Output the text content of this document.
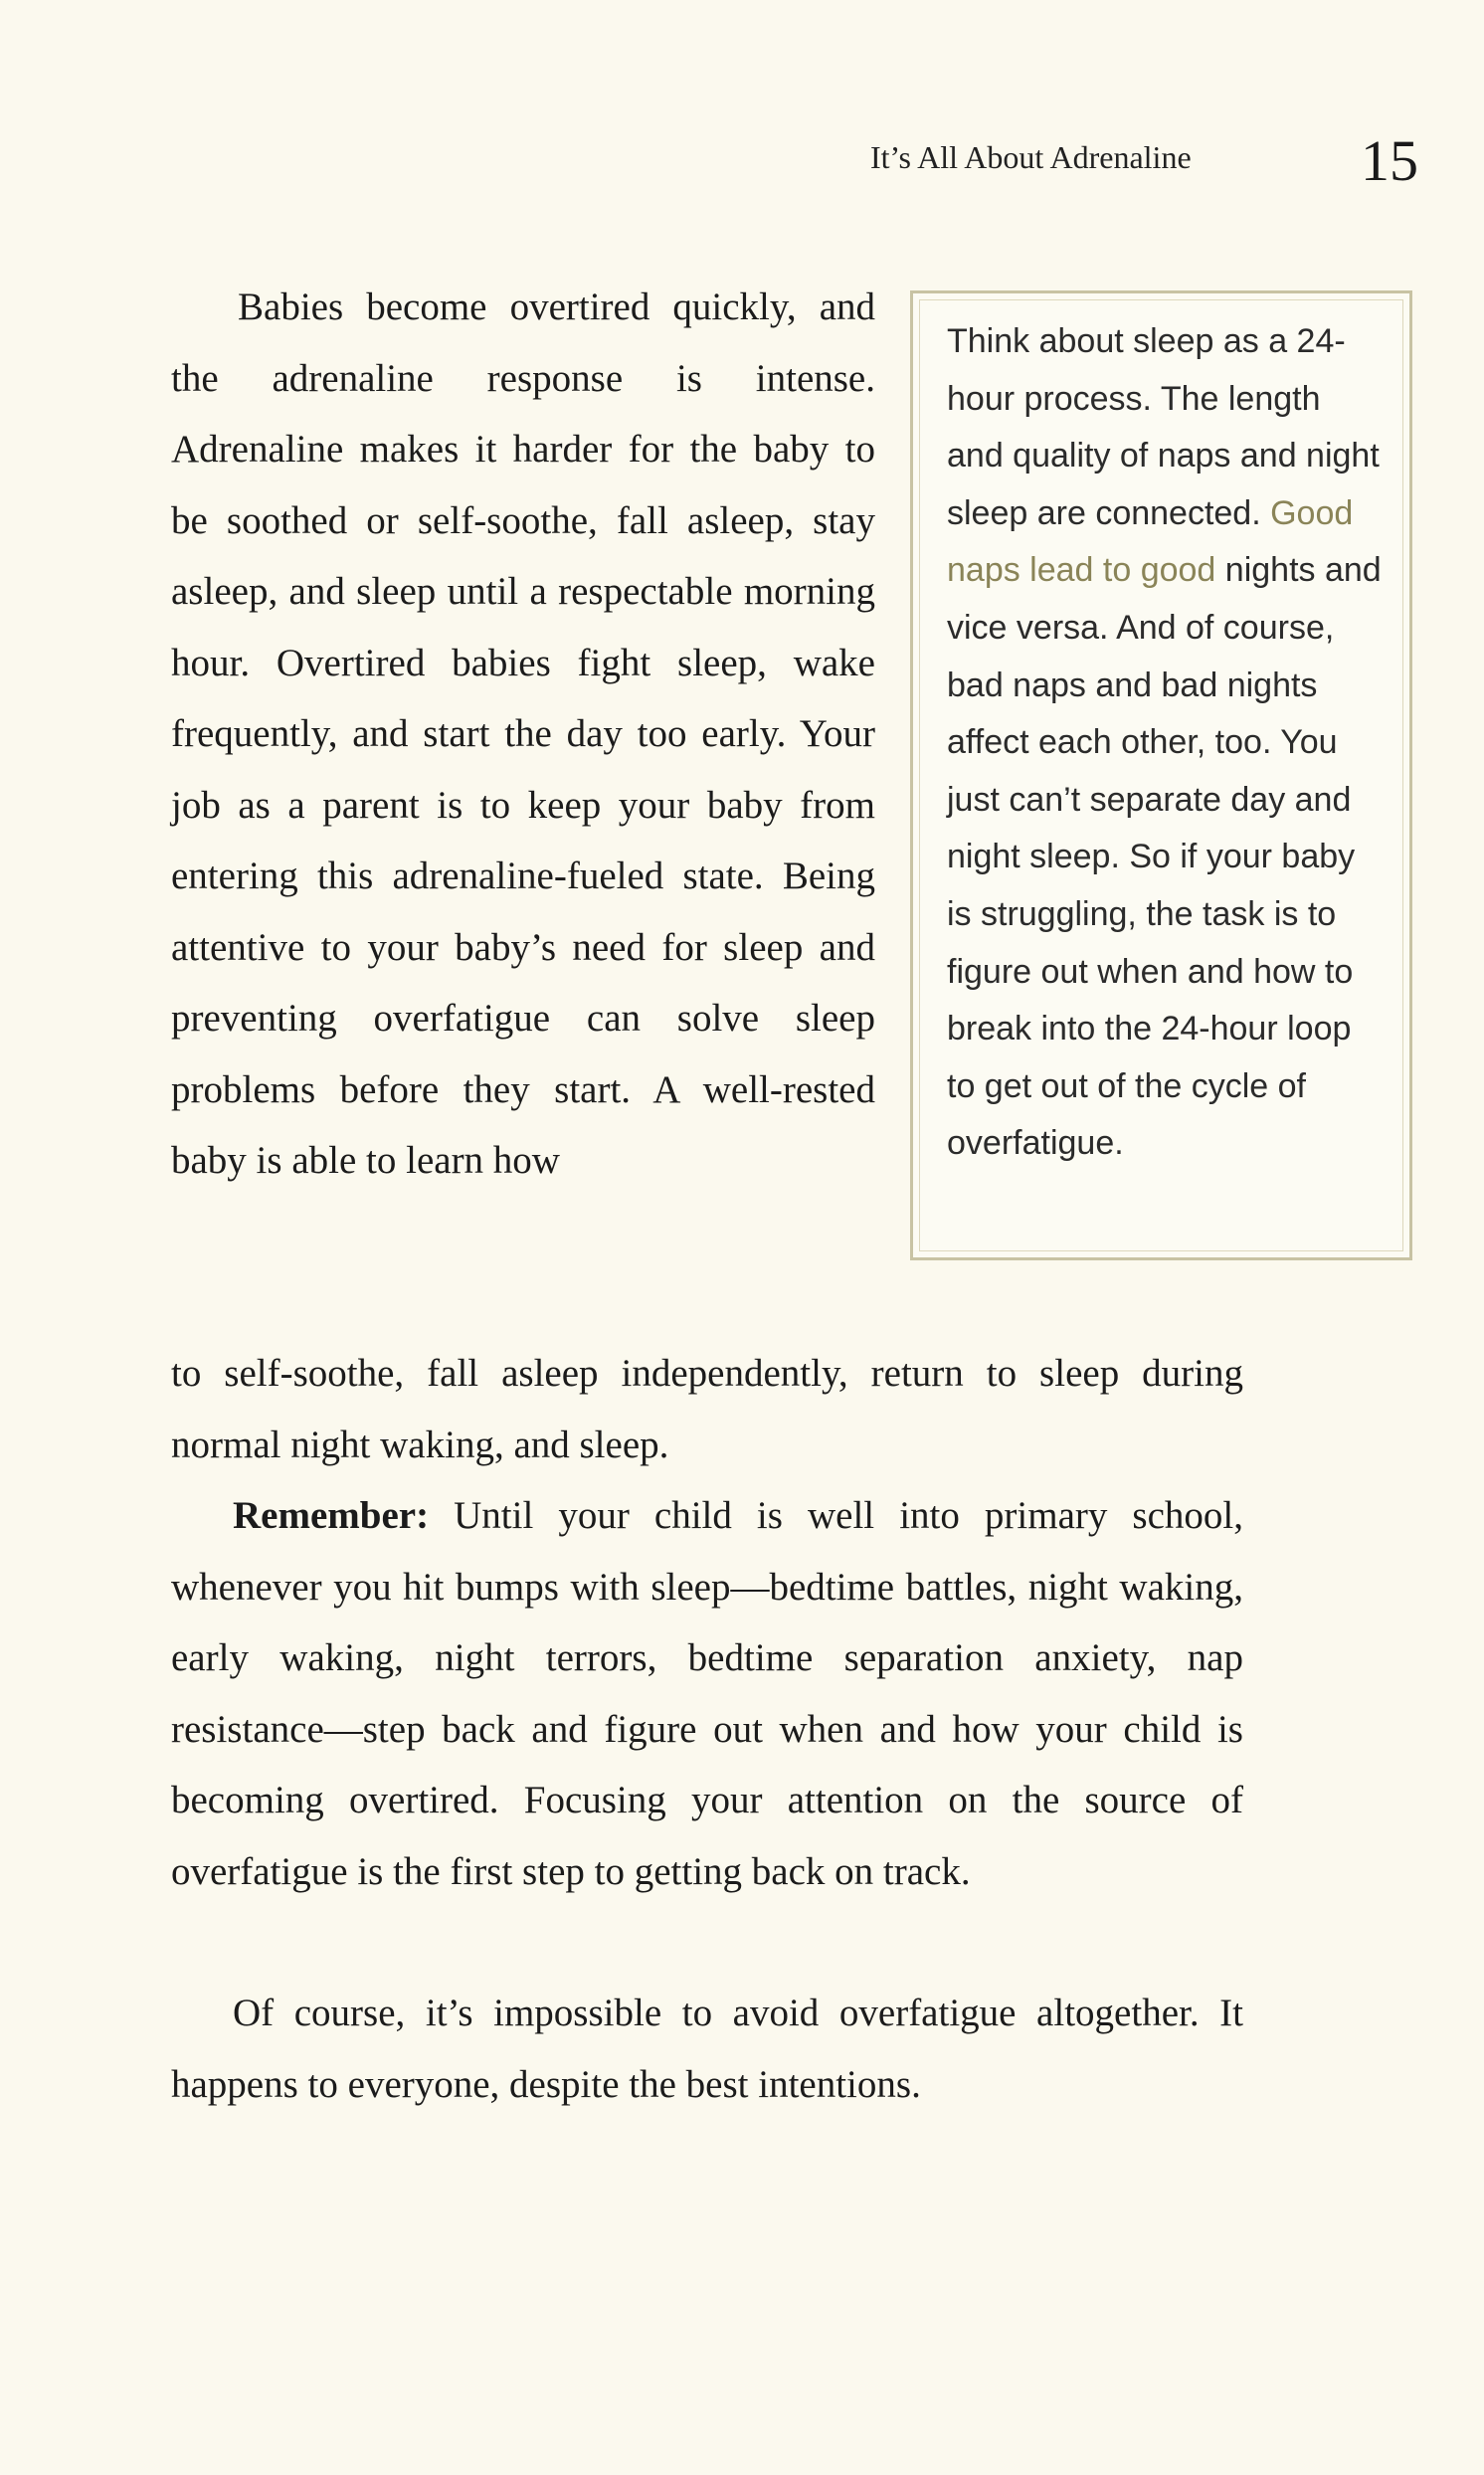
It’s All About Adrenaline	15

Babies become overtired quickly, and the adrenaline response is intense. Adrenaline makes it harder for the baby to be soothed or self-soothe, fall asleep, stay asleep, and sleep until a respectable morning hour. Overtired babies fight sleep, wake frequently, and start the day too early. Your job as a parent is to keep your baby from entering this adrenaline-fueled state. Being attentive to your baby’s need for sleep and preventing overfatigue can solve sleep problems before they start. A well-rested baby is able to learn how

to self-soothe, fall asleep independently, return to sleep during normal night waking, and sleep.

Remember: Until your child is well into primary school, whenever you hit bumps with sleep—bedtime battles, night waking, early waking, night terrors, bedtime separation anxiety, nap resistance—step back and figure out when and how your child is becoming overtired. Focusing your attention on the source of overfatigue is the first step to getting back on track.

Of course, it’s impossible to avoid overfatigue altogether. It happens to everyone, despite the best intentions.

Think about sleep as a 24-hour process. The length and quality of naps and night sleep are connected. Good naps lead to good nights and vice versa. And of course, bad naps and bad nights affect each other, too. You just can’t separate day and night sleep. So if your baby is struggling, the task is to figure out when and how to break into the 24-hour loop to get out of the cycle of overfatigue.
